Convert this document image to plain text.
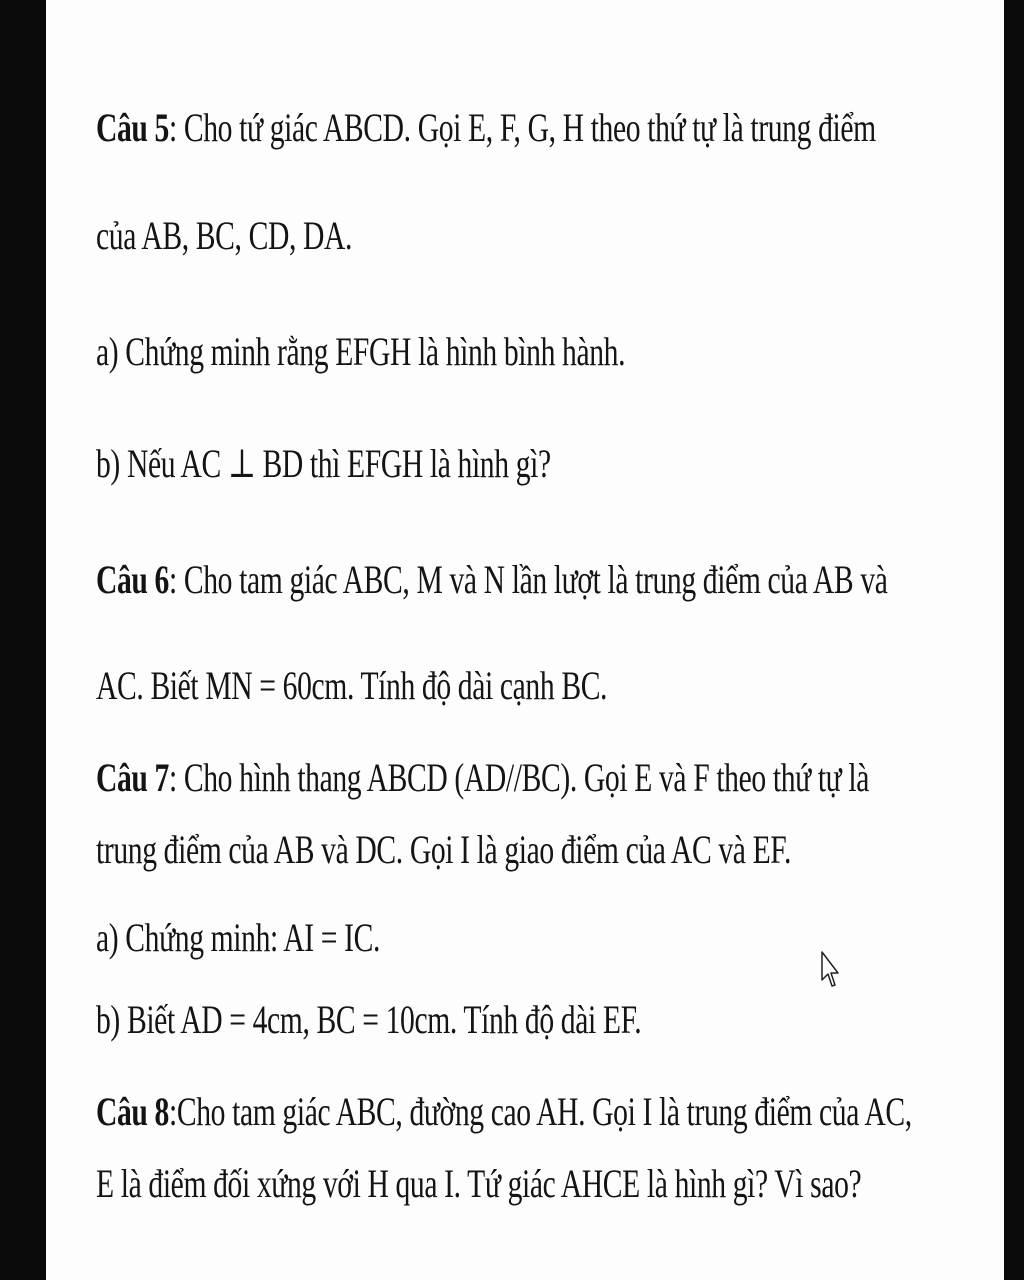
Câu 5: Cho tứ giác ABCD. Gọi E, F, G, H theo thứ tự là trung điểm

của AB, BC, CD, DA.

a) Chứng minh rằng EFGH là hình bình hành.

b) Nếu AC ⊥ BD thì EFGH là hình gì?

Câu 6: Cho tam giác ABC, M và N lần lượt là trung điểm của AB và

AC. Biết MN = 60cm. Tính độ dài cạnh BC.

Câu 7: Cho hình thang ABCD (AD//BC). Gọi E và F theo thứ tự là

trung điểm của AB và DC. Gọi I là giao điểm của AC và EF.

a) Chứng minh: AI = IC.

b) Biết AD = 4cm, BC = 10cm. Tính độ dài EF.

Câu 8:Cho tam giác ABC, đường cao AH. Gọi I là trung điểm của AC,

E là điểm đối xứng với H qua I. Tứ giác AHCE là hình gì? Vì sao?
